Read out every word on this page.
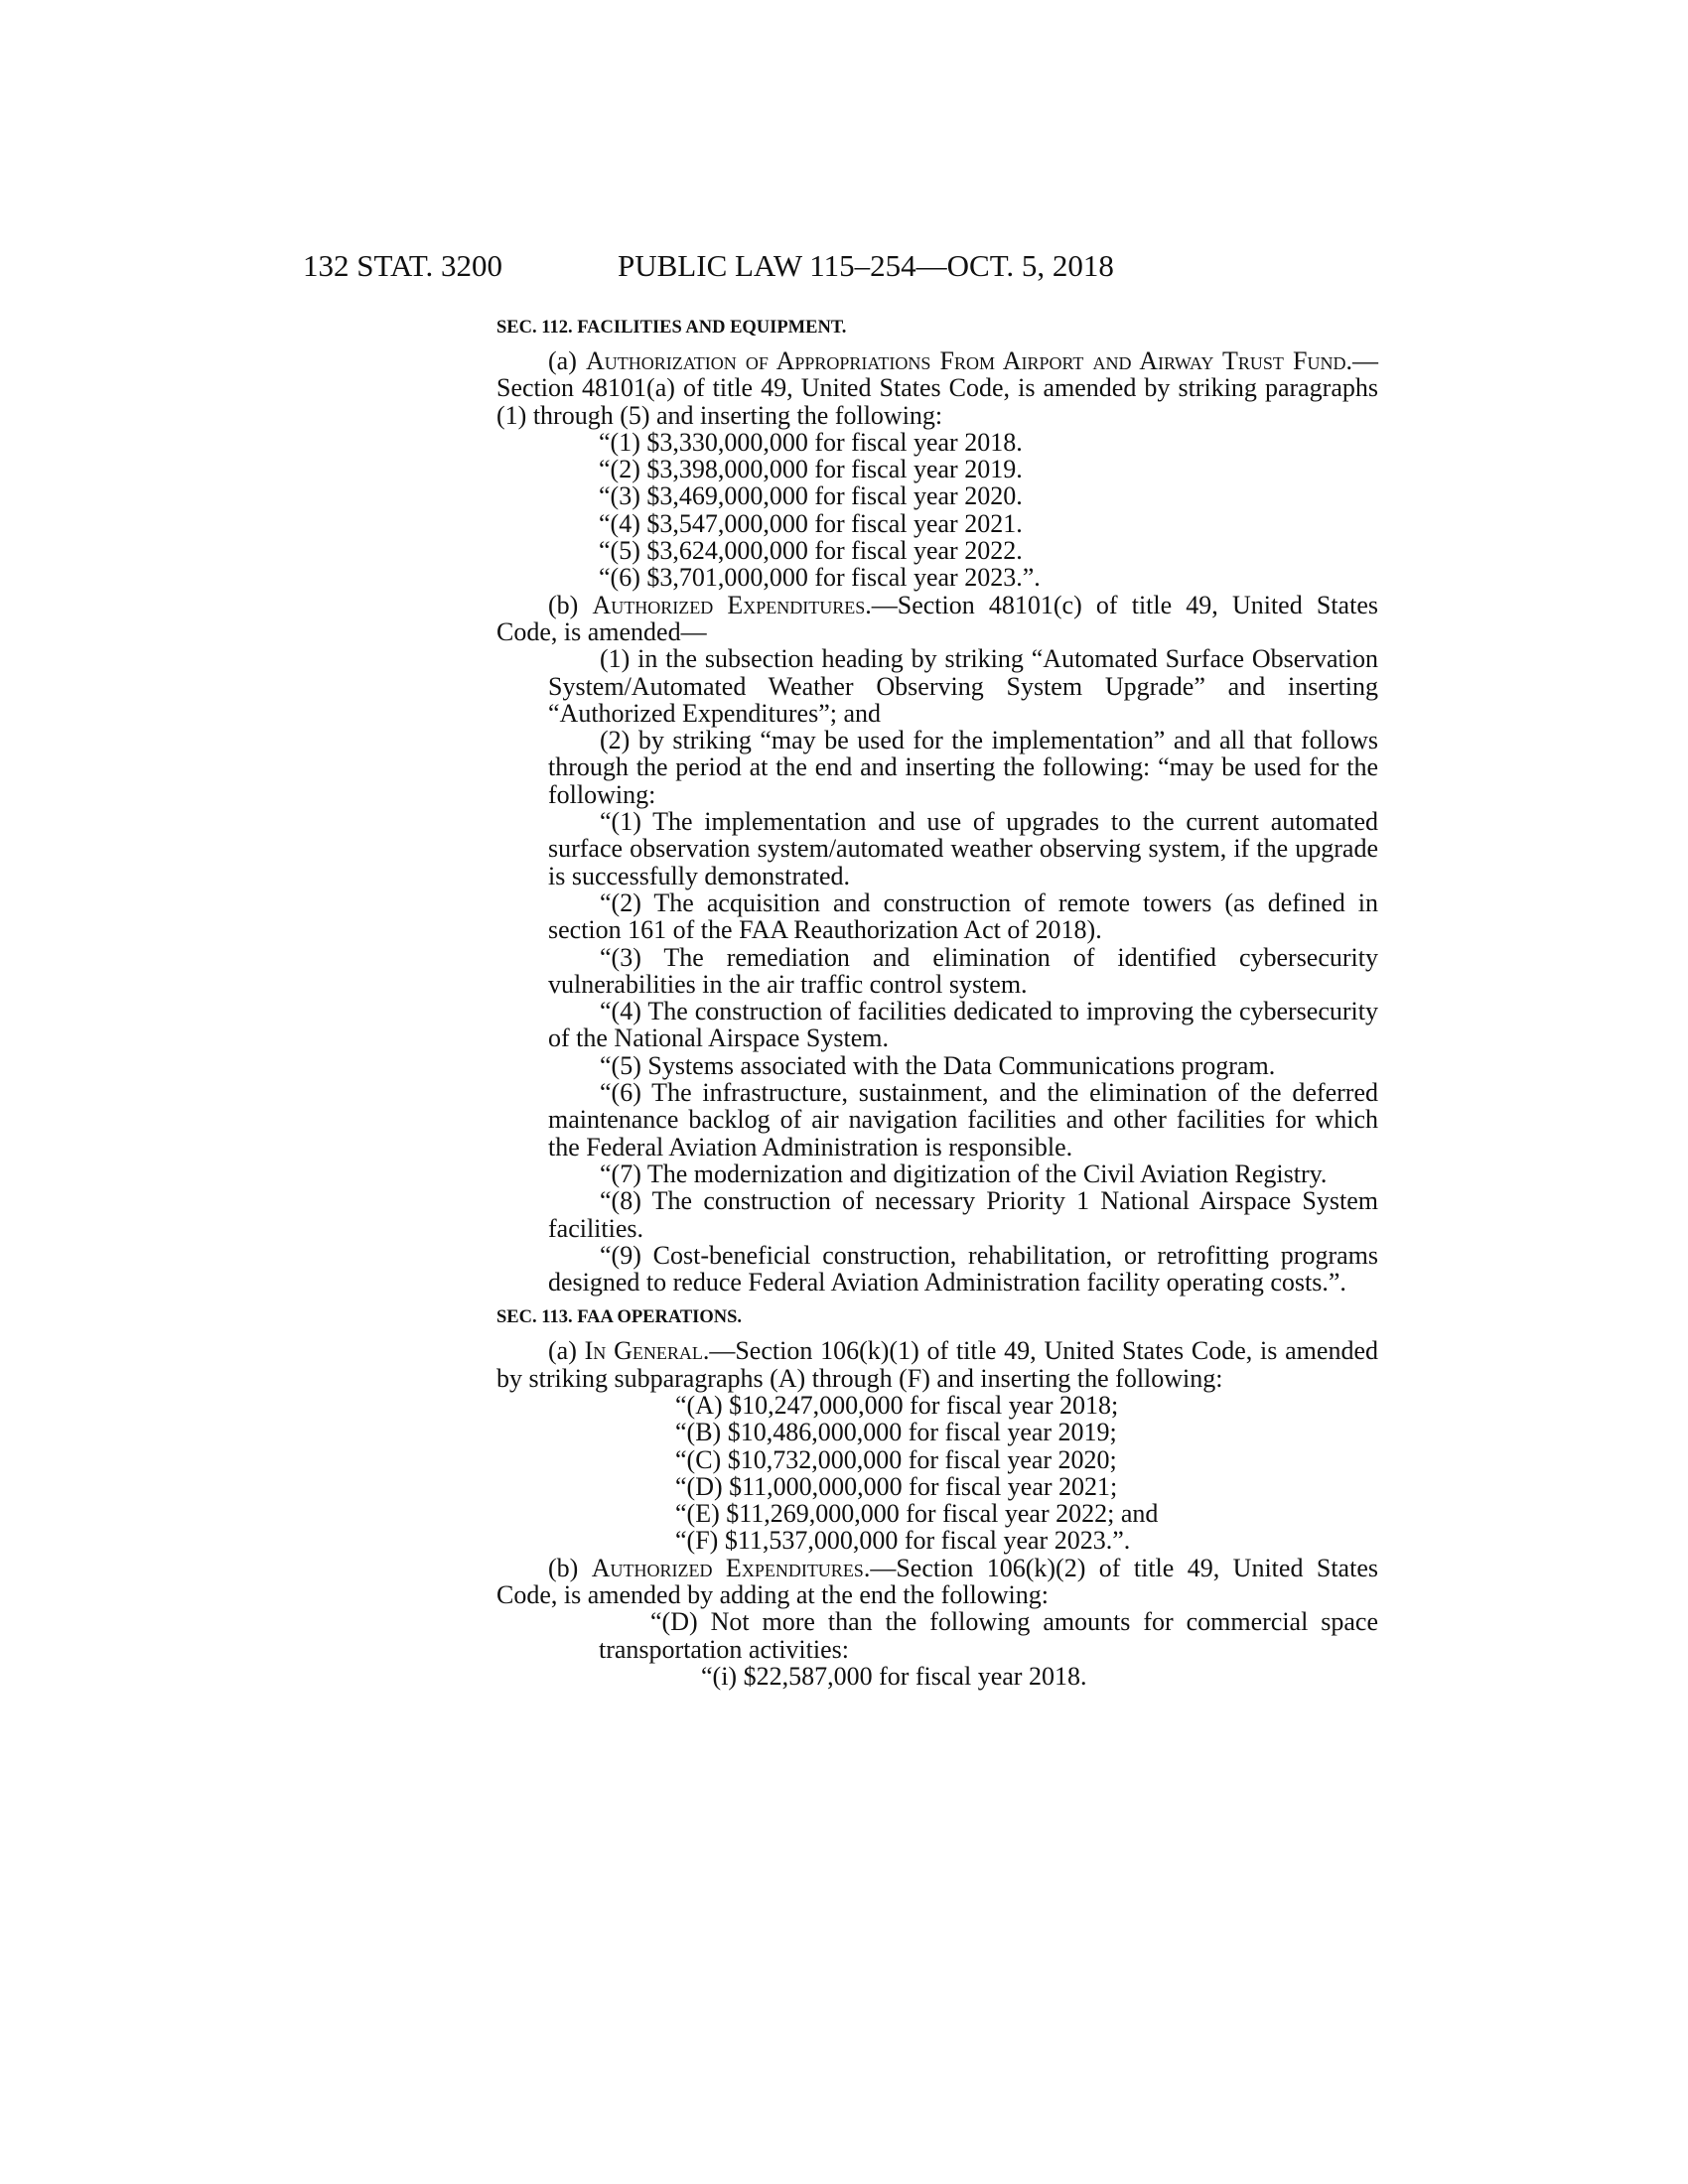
132 STAT. 3200	PUBLIC LAW 115–254—OCT. 5, 2018

SEC. 112. FACILITIES AND EQUIPMENT.

(a) Authorization of Appropriations From Airport and Airway Trust Fund.—Section 48101(a) of title 49, United States Code, is amended by striking paragraphs (1) through (5) and inserting the following:

“(1) $3,330,000,000 for fiscal year 2018.

“(2) $3,398,000,000 for fiscal year 2019.

“(3) $3,469,000,000 for fiscal year 2020.

“(4) $3,547,000,000 for fiscal year 2021.

“(5) $3,624,000,000 for fiscal year 2022.

“(6) $3,701,000,000 for fiscal year 2023.”.

(b) Authorized Expenditures.—Section 48101(c) of title 49, United States Code, is amended—

(1) in the subsection heading by striking “Automated Surface Observation System/Automated Weather Observing System Upgrade” and inserting “Authorized Expenditures”; and

(2) by striking “may be used for the implementation” and all that follows through the period at the end and inserting the following: “may be used for the following:

“(1) The implementation and use of upgrades to the current automated surface observation system/automated weather observing system, if the upgrade is successfully demonstrated.

“(2) The acquisition and construction of remote towers (as defined in section 161 of the FAA Reauthorization Act of 2018).

“(3) The remediation and elimination of identified cybersecurity vulnerabilities in the air traffic control system.

“(4) The construction of facilities dedicated to improving the cybersecurity of the National Airspace System.

“(5) Systems associated with the Data Communications program.

“(6) The infrastructure, sustainment, and the elimination of the deferred maintenance backlog of air navigation facilities and other facilities for which the Federal Aviation Administration is responsible.

“(7) The modernization and digitization of the Civil Aviation Registry.

“(8) The construction of necessary Priority 1 National Airspace System facilities.

“(9) Cost-beneficial construction, rehabilitation, or retrofitting programs designed to reduce Federal Aviation Administration facility operating costs.”.

SEC. 113. FAA OPERATIONS.

(a) In General.—Section 106(k)(1) of title 49, United States Code, is amended by striking subparagraphs (A) through (F) and inserting the following:

“(A) $10,247,000,000 for fiscal year 2018;

“(B) $10,486,000,000 for fiscal year 2019;

“(C) $10,732,000,000 for fiscal year 2020;

“(D) $11,000,000,000 for fiscal year 2021;

“(E) $11,269,000,000 for fiscal year 2022; and

“(F) $11,537,000,000 for fiscal year 2023.”.

(b) Authorized Expenditures.—Section 106(k)(2) of title 49, United States Code, is amended by adding at the end the following:

“(D) Not more than the following amounts for commercial space transportation activities:

“(i) $22,587,000 for fiscal year 2018.
